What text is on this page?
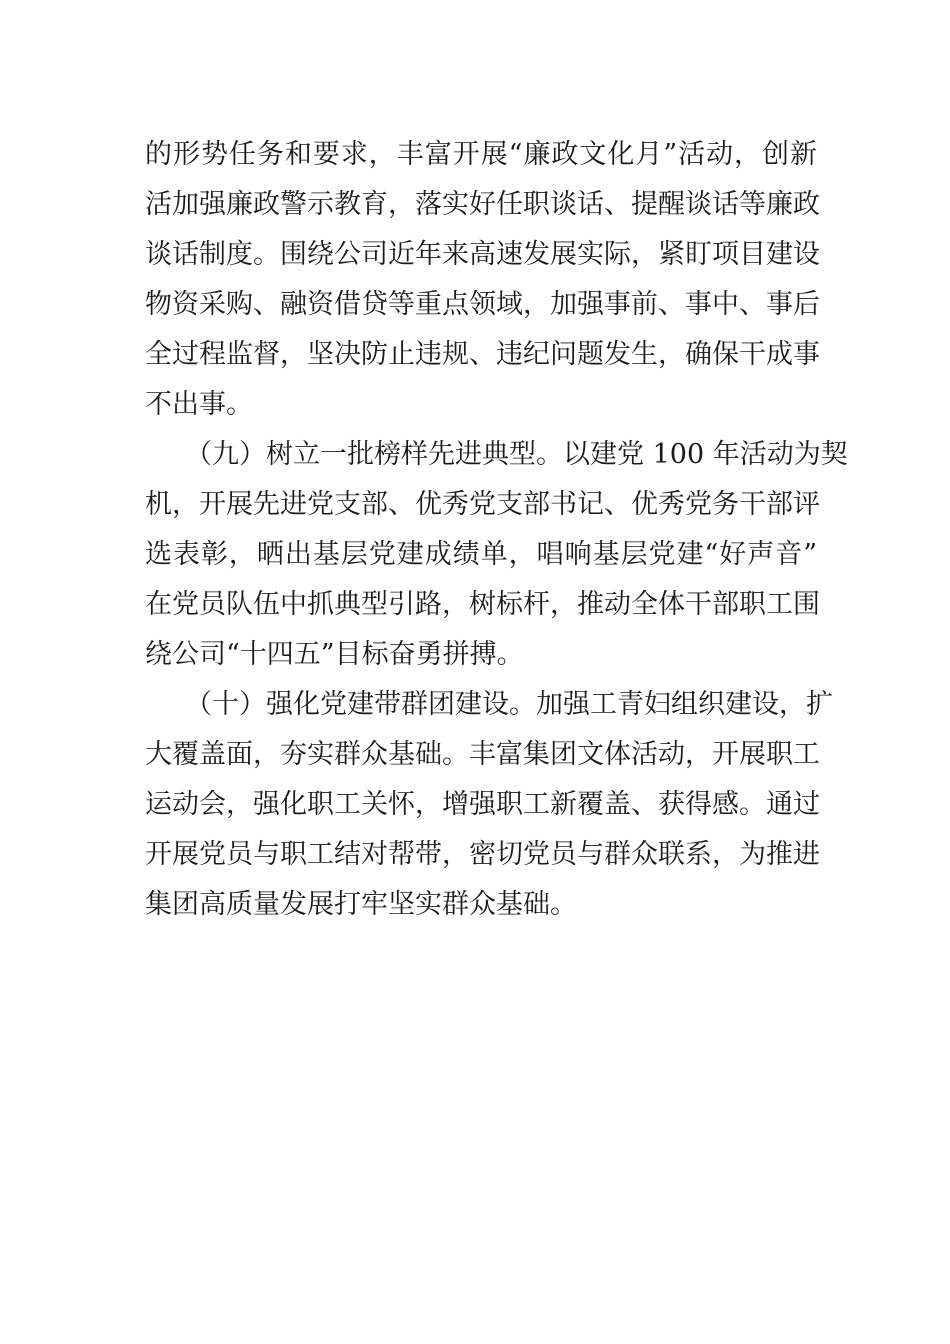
的形势任务和要求，丰富开展“廉政文化月”活动，创新
活加强廉政警示教育，落实好任职谈话、提醒谈话等廉政
谈话制度。围绕公司近年来高速发展实际，紧盯项目建设
物资采购、融资借贷等重点领域，加强事前、事中、事后
全过程监督，坚决防止违规、违纪问题发生，确保干成事
不出事。
（九）树立一批榜样先进典型。以建党 100 年活动为契
机，开展先进党支部、优秀党支部书记、优秀党务干部评
选表彰，晒出基层党建成绩单，唱响基层党建“好声音”
在党员队伍中抓典型引路，树标杆，推动全体干部职工围
绕公司“十四五”目标奋勇拼搏。
（十）强化党建带群团建设。加强工青妇组织建设，扩
大覆盖面，夯实群众基础。丰富集团文体活动，开展职工
运动会，强化职工关怀，增强职工新覆盖、获得感。通过
开展党员与职工结对帮带，密切党员与群众联系，为推进
集团高质量发展打牢坚实群众基础。
